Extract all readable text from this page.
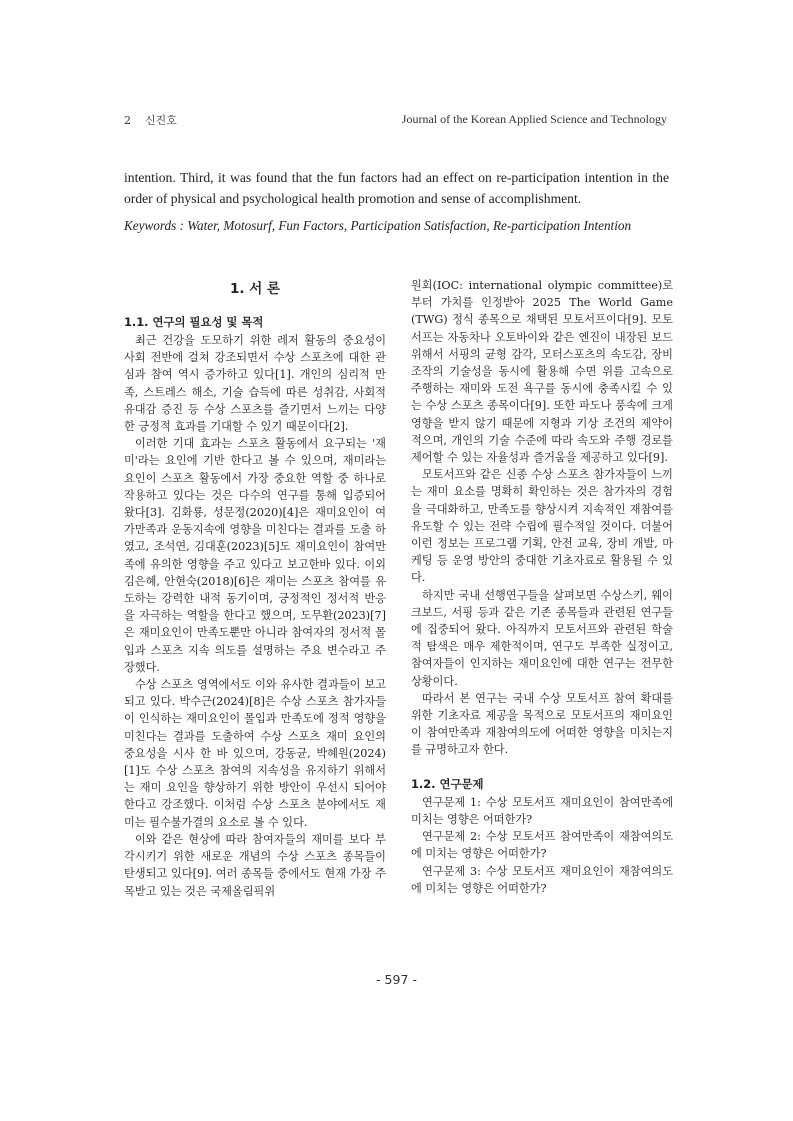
2 신진호	Journal of the Korean Applied Science and Technology
intention. Third, it was found that the fun factors had an effect on re-participation intention in the order of physical and psychological health promotion and sense of accomplishment.
Keywords : Water, Motosurf, Fun Factors, Participation Satisfaction, Re-participation Intention
1. 서 론
1.1. 연구의 필요성 및 목적

최근 건강을 도모하기 위한 레저 활동의 중요성이 사회 전반에 걸쳐 강조되면서 수상 스포츠에 대한 관심과 참여 역시 증가하고 있다[1]. 개인의 심리적 만족, 스트레스 해소, 기술 습득에 따른 성취감, 사회적 유대감 증진 등 수상 스포츠를 즐기면서 느끼는 다양한 긍정적 효과를 기대할 수 있기 때문이다[2].

이러한 기대 효과는 스포츠 활동에서 요구되는 '재미'라는 요인에 기반 한다고 볼 수 있으며, 재미라는 요인이 스포츠 활동에서 가장 중요한 역할 중 하나로 작용하고 있다는 것은 다수의 연구를 통해 입증되어 왔다[3]. 김화룡, 성문정(2020)[4]은 재미요인이 여가만족과 운동지속에 영향을 미친다는 결과를 도출 하였고, 조석연, 김대훈(2023)[5]도 재미요인이 참여만족에 유의한 영향을 주고 있다고 보고한바 있다. 이외 김은혜, 안현숙(2018)[6]은 재미는 스포츠 참여를 유도하는 강력한 내적 동기이며, 긍정적인 정서적 반응을 자극하는 역할을 한다고 했으며, 도무환(2023)[7]은 재미요인이 만족도뿐만 아니라 참여자의 정서적 몰입과 스포츠 지속 의도를 설명하는 주요 변수라고 주장했다.

수상 스포츠 영역에서도 이와 유사한 결과들이 보고되고 있다. 박수근(2024)[8]은 수상 스포츠 참가자들이 인식하는 재미요인이 몰입과 만족도에 정적 영향을 미친다는 결과를 도출하여 수상 스포츠 재미 요인의 중요성을 시사 한 바 있으며, 강동균, 박혜원(2024)[1]도 수상 스포츠 참여의 지속성을 유지하기 위해서는 재미 요인을 향상하기 위한 방안이 우선시 되어야 한다고 강조했다. 이처럼 수상 스포츠 분야에서도 재미는 필수불가결의 요소로 볼 수 있다.

이와 같은 현상에 따라 참여자들의 재미를 보다 부각시키기 위한 새로운 개념의 수상 스포츠 종목들이 탄생되고 있다[9]. 여러 종목들 중에서도 현재 가장 주목받고 있는 것은 국제올림픽위

원회(IOC: international olympic committee)로부터 가치를 인정받아 2025 The World Game (TWG) 정식 종목으로 채택된 모토서프이다[9]. 모토서프는 자동차나 오토바이와 같은 엔진이 내장된 보드 위해서 서핑의 균형 감각, 모터스포츠의 속도감, 장비 조작의 기술성을 동시에 활용해 수면 위를 고속으로 주행하는 재미와 도전 욕구를 동시에 충족시킬 수 있는 수상 스포츠 종목이다[9]. 또한 파도나 풍속에 크게 영향을 받지 않기 때문에 지형과 기상 조건의 제약이 적으며, 개인의 기술 수준에 따라 속도와 주행 경로를 제어할 수 있는 자율성과 즐거움을 제공하고 있다[9].

모토서프와 같은 신종 수상 스포츠 참가자들이 느끼는 재미 요소를 명확히 확인하는 것은 참가자의 경험을 극대화하고, 만족도를 향상시켜 지속적인 재참여를 유도할 수 있는 전략 수립에 필수적일 것이다. 더불어 이런 정보는 프로그램 기획, 안전 교육, 장비 개발, 마케팅 등 운영 방안의 중대한 기초자료로 활용될 수 있다.

하지만 국내 선행연구들을 살펴보면 수상스키, 웨이크보드, 서핑 등과 같은 기존 종목들과 관련된 연구들에 집중되어 왔다. 아직까지 모토서프와 관련된 학술적 탐색은 매우 제한적이며, 연구도 부족한 실정이고, 참여자들이 인지하는 재미요인에 대한 연구는 전무한 상황이다.

따라서 본 연구는 국내 수상 모토서프 참여 확대를 위한 기초자료 제공을 목적으로 모토서프의 재미요인이 참여만족과 재참여의도에 어떠한 영향을 미치는지를 규명하고자 한다.

1.2. 연구문제

연구문제 1: 수상 모토서프 재미요인이 참여만족에 미치는 영향은 어떠한가?

연구문제 2: 수상 모토서프 참여만족이 재참여의도에 미치는 영향은 어떠한가?

연구문제 3: 수상 모토서프 재미요인이 재참여의도에 미치는 영향은 어떠한가?

- 597 -
